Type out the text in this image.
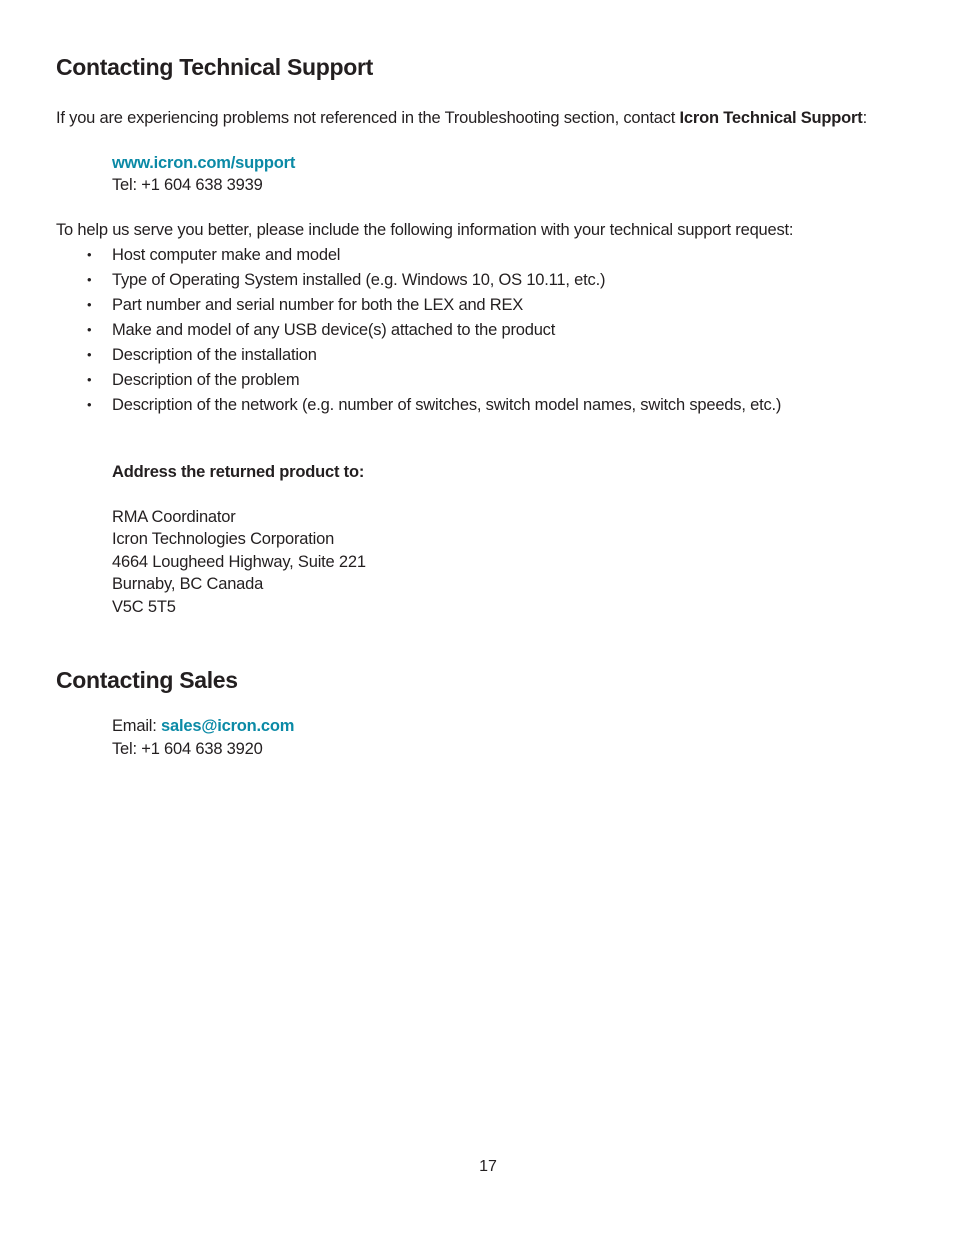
Contacting Technical Support

If you are experiencing problems not referenced in the Troubleshooting section, contact Icron Technical Support:

www.icron.com/support

Tel: +1 604 638 3939

To help us serve you better, please include the following information with your technical support request:

• Host computer make and model
• Type of Operating System installed (e.g. Windows 10, OS 10.11, etc.)
• Part number and serial number for both the LEX and REX
• Make and model of any USB device(s) attached to the product
• Description of the installation
• Description of the problem
• Description of the network (e.g. number of switches, switch model names, switch speeds, etc.)

Address the returned product to:

RMA Coordinator

Icron Technologies Corporation

4664 Lougheed Highway, Suite 221

Burnaby, BC Canada

V5C 5T5

Contacting Sales

Email: sales@icron.com

Tel: +1 604 638 3920

17
